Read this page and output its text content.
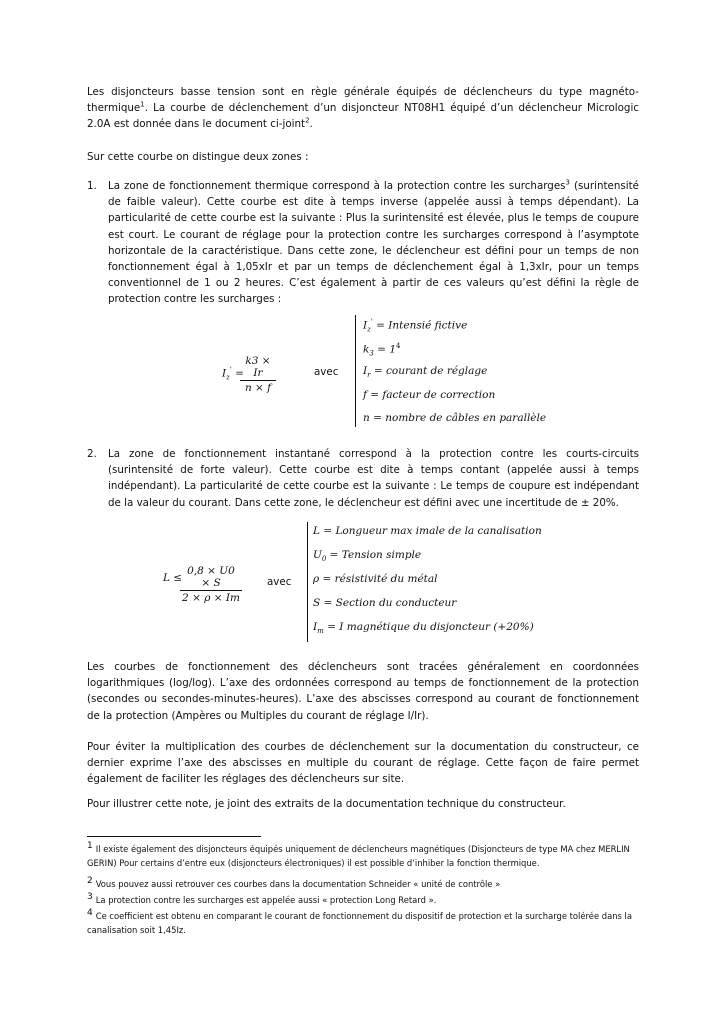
Les disjoncteurs basse tension sont en règle générale équipés de déclencheurs du type magnéto-thermique$^1$. La courbe de déclenchement d’un disjoncteur NT08H1 équipé d’un déclencheur Micrologic 2.0A est donnée dans le document ci-joint$^2$.

Sur cette courbe on distingue deux zones :

1. La zone de fonctionnement thermique correspond à la protection contre les surcharges$^3$ (surintensité de faible valeur). Cette courbe est dite à temps inverse (appelée aussi à temps dépendant). La particularité de cette courbe est la suivante : Plus la surintensité est élevée, plus le temps de coupure est court. Le courant de réglage pour la protection contre les surcharges correspond à l’asymptote horizontale de la caractéristique. Dans cette zone, le déclencheur est défini pour un temps de non fonctionnement égal à 1,05xIr et par un temps de déclenchement égal à 1,3xIr, pour un temps conventionnel de 1 ou 2 heures. C’est également à partir de ces valeurs qu’est défini la règle de protection contre les surcharges :
$I_z'$ =
$\frac{k3 \times Ir}{n \times f}$	avec
$I_z'$ = Intensié fictive
$k_3 = 1^4$
$I_r$ = courant de réglage
f = facteur de correction
n = nombre de câbles en parallèle
2. La zone de fonctionnement instantané correspond à la protection contre les courts-circuits (surintensité de forte valeur). Cette courbe est dite à temps contant (appelée aussi à temps indépendant). La particularité de cette courbe est la suivante : Le temps de coupure est indépendant de la valeur du courant. Dans cette zone, le déclencheur est défini avec une incertitude de ± 20%.
L ≤
$\frac{0,8 \times U0 \times S}{2 \times \rho \times Im}$ avec
L = Longueur max imale de la canalisation
$U_0$ = Tension simple
ρ = résistivité du métal
S = Section du conducteur
$I_m = I$ magnétique du disjoncteur (+20%)

Les courbes de fonctionnement des déclencheurs sont tracées généralement en coordonnées logarithmiques (log/log). L’axe des ordonnées correspond au temps de fonctionnement de la protection (secondes ou secondes-minutes-heures). L’axe des abscisses correspond au courant de fonctionnement de la protection (Ampères ou Multiples du courant de réglage I/Ir).

Pour éviter la multiplication des courbes de déclenchement sur la documentation du constructeur, ce dernier exprime l’axe des abscisses en multiple du courant de réglage. Cette façon de faire permet également de faciliter les réglages des déclencheurs sur site.

Pour illustrer cette note, je joint des extraits de la documentation technique du constructeur.

1 Il existe également des disjoncteurs équipés uniquement de déclencheurs magnétiques (Disjoncteurs de type MA chez MERLIN GERIN) Pour certains d’entre eux (disjoncteurs électroniques) il est possible d’inhiber la fonction thermique.
2 Vous pouvez aussi retrouver ces courbes dans la documentation Schneider « unité de contrôle »
3 La protection contre les surcharges est appelée aussi « protection Long Retard ».
4 Ce coefficient est obtenu en comparant le courant de fonctionnement du dispositif de protection et la surcharge tolérée dans la canalisation soit 1,45Iz.
